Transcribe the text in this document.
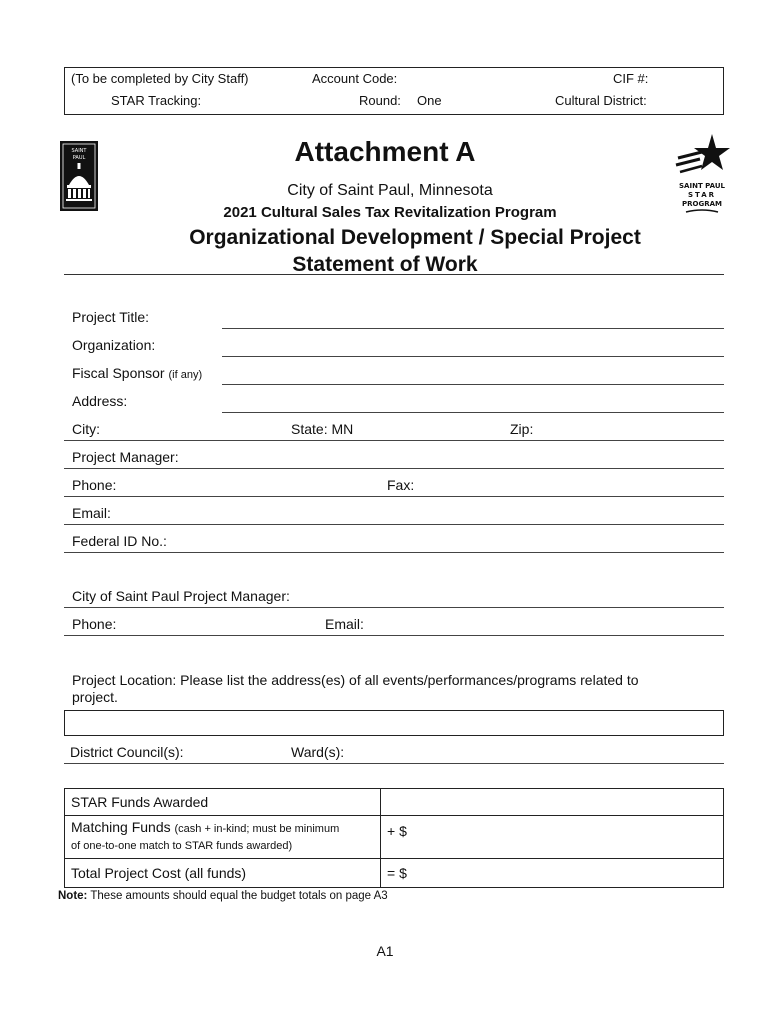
(To be completed by City Staff)	Account Code:	CIF #:
STAR Tracking:	Round: One	Cultural District:
SAINT
PAUL
SAINT PAUL
STAR
PROGRAM
Attachment A
City of Saint Paul, Minnesota
2021 Cultural Sales Tax Revitalization Program
Organizational Development / Special Project
Statement of Work
Project Title:
Organization:
Fiscal Sponsor (if any)
Address:
City:	State: MN	Zip:
Project Manager:
Phone:	Fax:
Email:
Federal ID No.:
City of Saint Paul Project Manager:
Phone:	Email:
Project Location: Please list the address(es) of all events/performances/programs related to
project.
District Council(s):	Ward(s):
STAR Funds Awarded	
Matching Funds (cash + in-kind; must be minimum
of one-to-one match to STAR funds awarded)	+ $
Total Project Cost (all funds)	= $
Note: These amounts should equal the budget totals on page A3
A1
